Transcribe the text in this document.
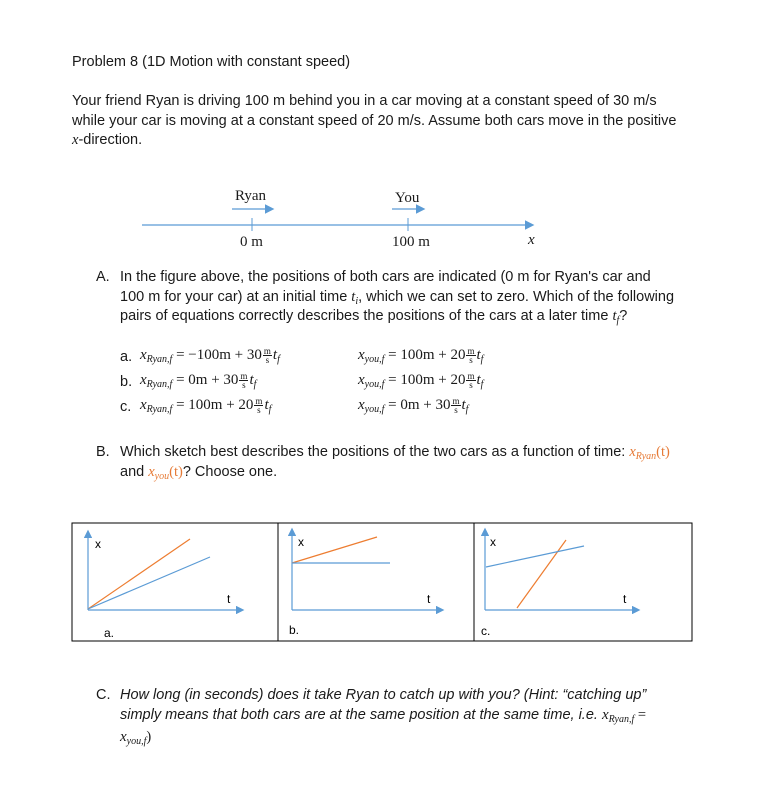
Problem 8 (1D Motion with constant speed)
Your friend Ryan is driving 100 m behind you in a car moving at a constant speed of 30 m/s
while your car is moving at a constant speed of 20 m/s. Assume both cars move in the positive
x-direction.
Ryan	You
0 m	100 m	x
A. In the figure above, the positions of both cars are indicated (0 m for Ryan's car and
100 m for your car) at an initial time $t_i$, which we can set to zero. Which of the following
pairs of equations correctly describes the positions of the cars at a later time $t_f$?
a. $x_{Ryan,f} = -100m + 30 \frac{m}{s} t_f$	$x_{you,f} = 100m + 20 \frac{m}{s} t_f$
b. $x_{Ryan,f} = 0m + 30 \frac{m}{s} t_f$	$x_{you,f} = 100m + 20 \frac{m}{s} t_f$
c. $x_{Ryan,f} = 100m + 20 \frac{m}{s} t_f$	$x_{you,f} = 0m + 30 \frac{m}{s} t_f$
B. Which sketch best describes the positions of the two cars as a function of time: $x_{Ryan}(t)$
and $x_{you}(t)$? Choose one.
x
t
a.
x
t
b.
x
t
c.
C. How long (in seconds) does it take Ryan to catch up with you? (Hint: “catching up”
simply means that both cars are at the same position at the same time, i.e. $x_{Ryan,f}$ =
$x_{you,f}$)
